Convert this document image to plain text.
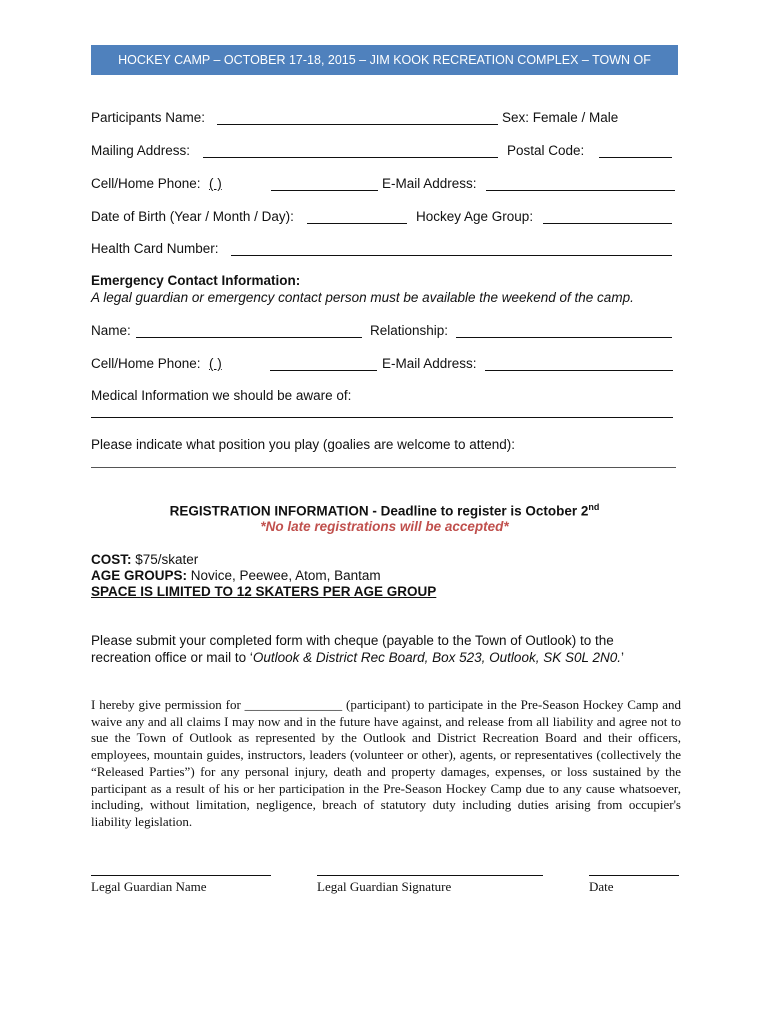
HOCKEY CAMP – OCTOBER 17-18, 2015 – JIM KOOK RECREATION COMPLEX – TOWN OF OUTLOOK
Participants Name:	Sex: Female / Male
Mailing Address:	Postal Code:
Cell/Home Phone: ( )	E-Mail Address:
Date of Birth (Year / Month / Day):	Hockey Age Group:
Health Card Number:
Emergency Contact Information:
A legal guardian or emergency contact person must be available the weekend of the camp.
Name:	Relationship:
Cell/Home Phone: ( )	E-Mail Address:
Medical Information we should be aware of:
Please indicate what position you play (goalies are welcome to attend):
REGISTRATION INFORMATION - Deadline to register is October 2nd
*No late registrations will be accepted*
COST: $75/skater
AGE GROUPS: Novice, Peewee, Atom, Bantam
SPACE IS LIMITED TO 12 SKATERS PER AGE GROUP
Please submit your completed form with cheque (payable to the Town of Outlook) to the
recreation office or mail to ‘Outlook & District Rec Board, Box 523, Outlook, SK S0L 2N0.’
I hereby give permission for _______________ (participant) to participate in the Pre-Season Hockey Camp and waive any and all claims I may now and in the future have against, and release from all liability and agree not to sue the Town of Outlook as represented by the Outlook and District Recreation Board and their officers, employees, mountain guides, instructors, leaders (volunteer or other), agents, or representatives (collectively the “Released Parties”) for any personal injury, death and property damages, expenses, or loss sustained by the participant as a result of his or her participation in the Pre-Season Hockey Camp due to any cause whatsoever, including, without limitation, negligence, breach of statutory duty including duties arising from occupier's liability legislation.
Legal Guardian Name	Legal Guardian Signature	Date
